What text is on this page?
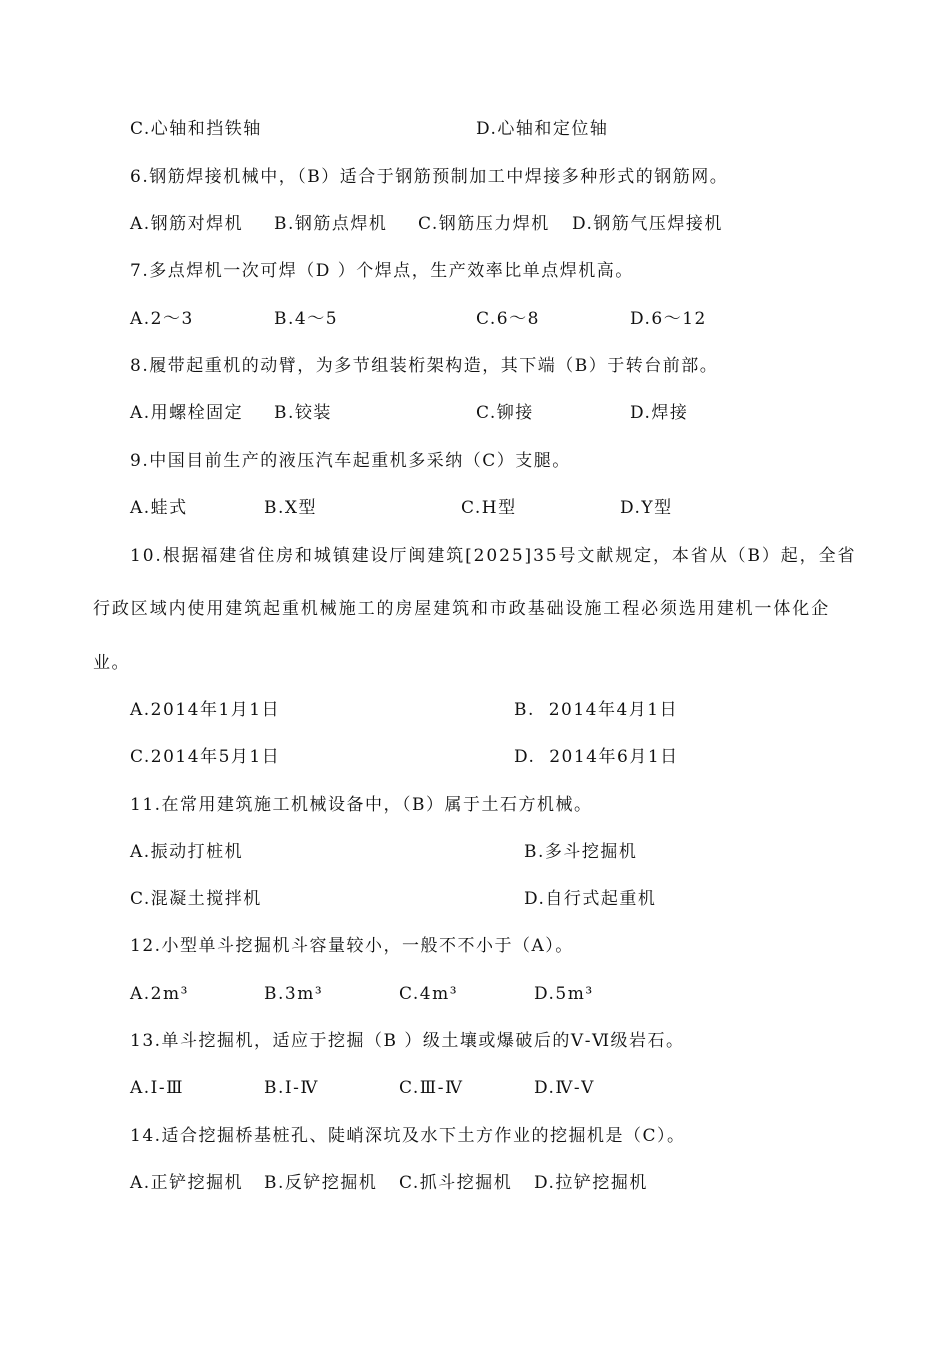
C.心轴和挡铁轴	D.心轴和定位轴
6.钢筋焊接机械中，（B）适合于钢筋预制加工中焊接多种形式的钢筋网。
A.钢筋对焊机 B.钢筋点焊机 C.钢筋压力焊机 D.钢筋气压焊接机
7.多点焊机一次可焊（D ）个焊点，生产效率比单点焊机高。
A.2～3	B.4～5	C.6～8	D.6～12
8.履带起重机的动臂，为多节组装桁架构造，其下端（B）于转台前部。
A.用螺栓固定 B.铰装	C.铆接	D.焊接
9.中国目前生产的液压汽车起重机多采纳（C）支腿。
A.蛙式	B.X型	C.H型	D.Y型
10.根据福建省住房和城镇建设厅闽建筑[2025]35号文献规定，本省从（B）起，全省
行政区域内使用建筑起重机械施工的房屋建筑和市政基础设施工程必须选用建机一体化企
业。
A.2014年1月1日	B.  2014年4月1日
C.2014年5月1日	D.  2014年6月1日
11.在常用建筑施工机械设备中，（B）属于土石方机械。
A.振动打桩机	B.多斗挖掘机
C.混凝土搅拌机	D.自行式起重机
12.小型单斗挖掘机斗容量较小，一般不不小于（A）。
A.2m³	B.3m³	C.4m³	D.5m³
13.单斗挖掘机，适应于挖掘（B ）级土壤或爆破后的Ⅴ-Ⅵ级岩石。
A.Ⅰ-Ⅲ	B.Ⅰ-Ⅳ	C.Ⅲ-Ⅳ	D.Ⅳ-Ⅴ
14.适合挖掘桥基桩孔、陡峭深坑及水下土方作业的挖掘机是（C）。
A.正铲挖掘机 B.反铲挖掘机 C.抓斗挖掘机 D.拉铲挖掘机
